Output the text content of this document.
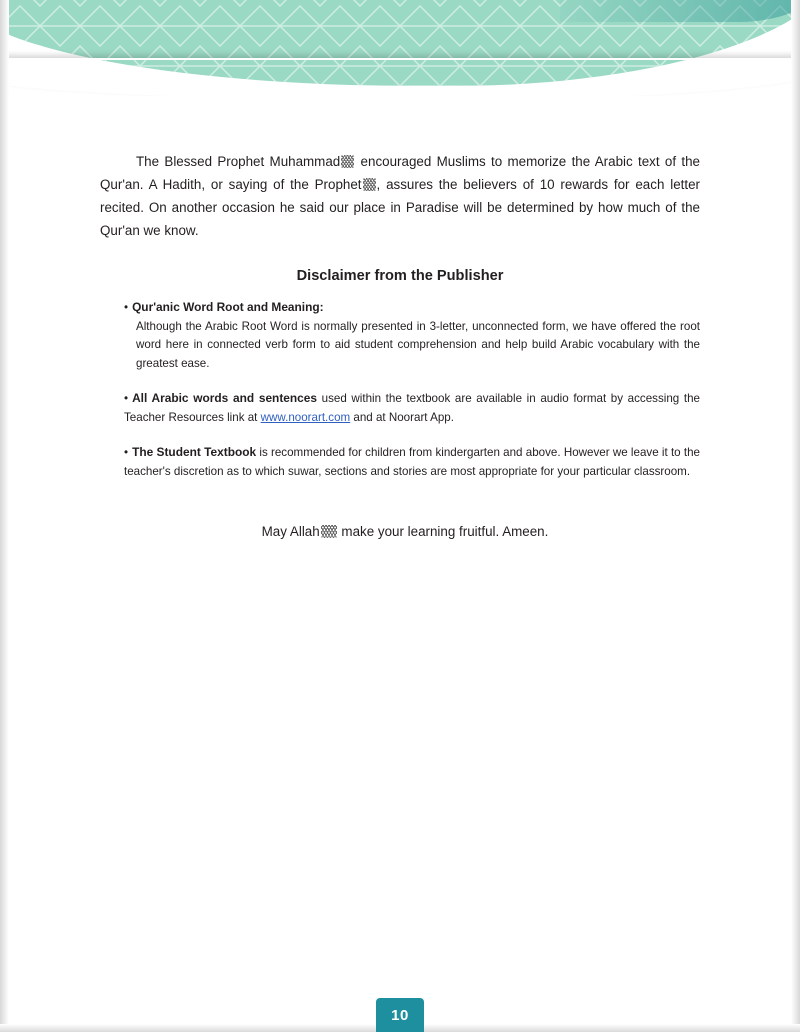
The Blessed Prophet Muhammad encouraged Muslims to memorize the Arabic text of the Qur'an. A Hadith, or saying of the Prophet , assures the believers of 10 rewards for each letter recited. On another occasion he said our place in Paradise will be determined by how much of the Qur'an we know.

Disclaimer from the Publisher
• Qur'anic Word Root and Meaning:
Although the Arabic Root Word is normally presented in 3-letter, unconnected form, we have offered the root word here in connected verb form to aid student comprehension and help build Arabic vocabulary with the greatest ease.
• All Arabic words and sentences used within the textbook are available in audio format by accessing the Teacher Resources link at www.noorart.com and at Noorart App.
• The Student Textbook is recommended for children from kindergarten and above. However we leave it to the teacher's discretion as to which suwar, sections and stories are most appropriate for your particular classroom.

May Allah make your learning fruitful. Ameen.

10
